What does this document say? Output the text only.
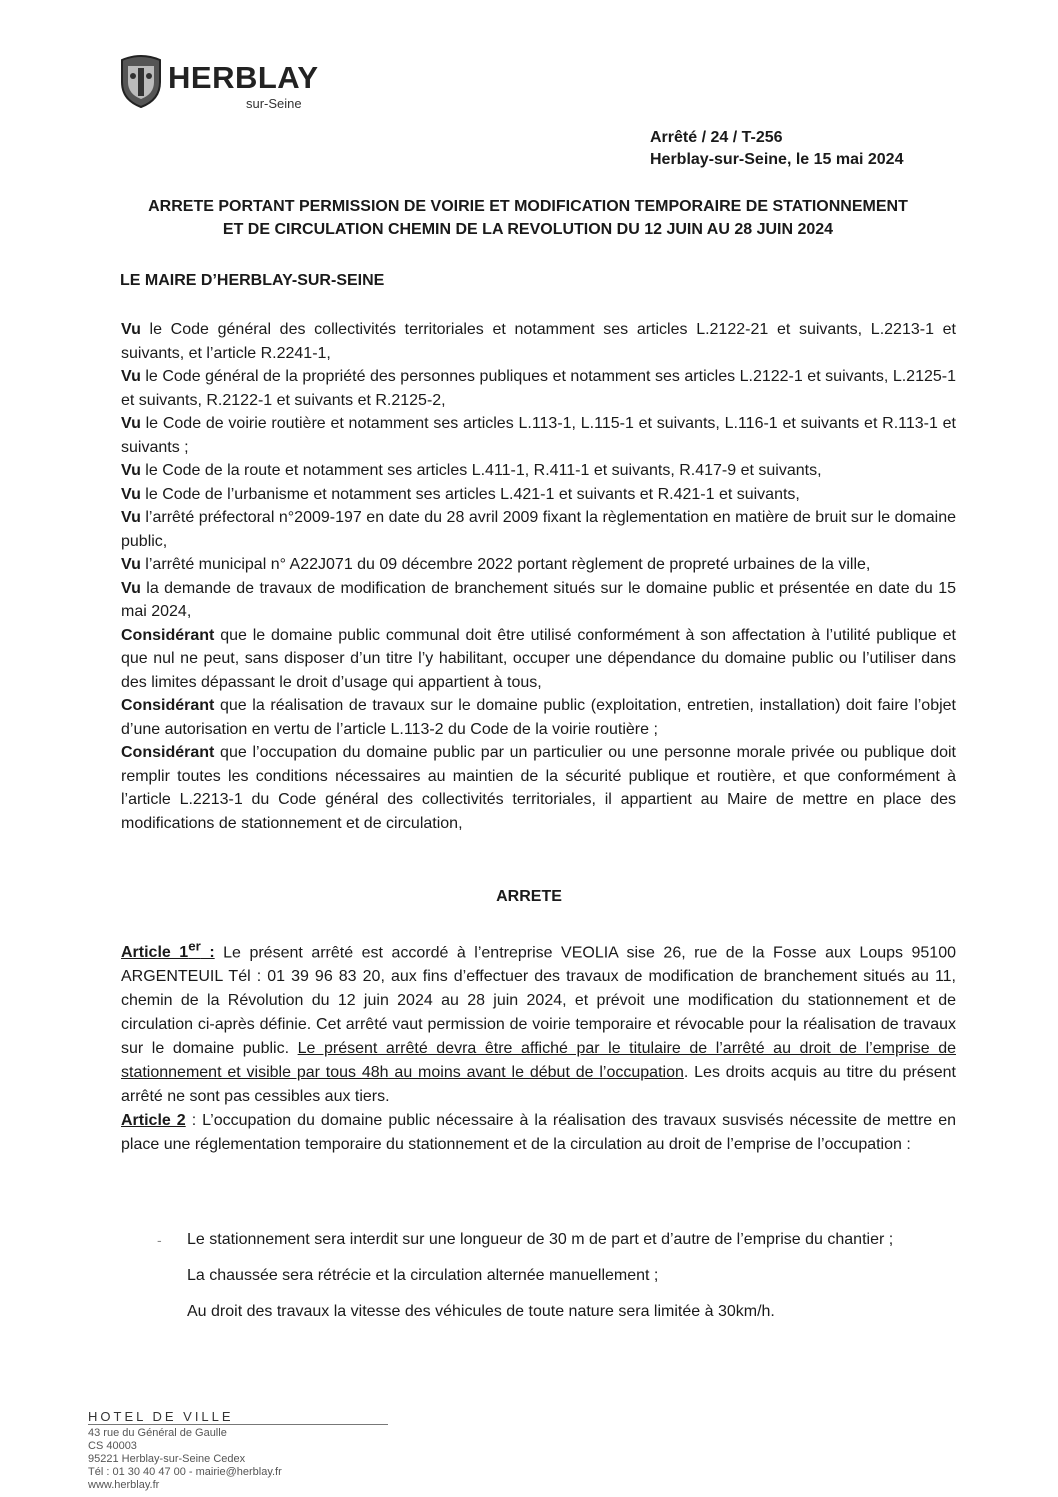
HERBLAY
sur-Seine
Arrêté / 24 / T-256
Herblay-sur-Seine, le 15 mai 2024
ARRETE PORTANT PERMISSION DE VOIRIE ET MODIFICATION TEMPORAIRE DE STATIONNEMENT
ET DE CIRCULATION CHEMIN DE LA REVOLUTION DU 12 JUIN AU 28 JUIN 2024
LE MAIRE D’HERBLAY-SUR-SEINE

Vu le Code général des collectivités territoriales et notamment ses articles L.2122-21 et suivants, L.2213-1 et suivants, et l’article R.2241-1,

Vu le Code général de la propriété des personnes publiques et notamment ses articles L.2122-1 et suivants, L.2125-1 et suivants, R.2122-1 et suivants et R.2125-2,

Vu le Code de voirie routière et notamment ses articles L.113-1, L.115-1 et suivants, L.116-1 et suivants et R.113-1 et suivants ;

Vu le Code de la route et notamment ses articles L.411-1, R.411-1 et suivants, R.417-9 et suivants,

Vu le Code de l’urbanisme et notamment ses articles L.421-1 et suivants et R.421-1 et suivants,

Vu l’arrêté préfectoral n°2009-197 en date du 28 avril 2009 fixant la règlementation en matière de bruit sur le domaine public,

Vu l’arrêté municipal n° A22J071 du 09 décembre 2022 portant règlement de propreté urbaines de la ville,

Vu la demande de travaux de modification de branchement situés sur le domaine public et présentée en date du 15 mai 2024,

Considérant que le domaine public communal doit être utilisé conformément à son affectation à l’utilité publique et que nul ne peut, sans disposer d’un titre l’y habilitant, occuper une dépendance du domaine public ou l’utiliser dans des limites dépassant le droit d’usage qui appartient à tous,

Considérant que la réalisation de travaux sur le domaine public (exploitation, entretien, installation) doit faire l’objet d’une autorisation en vertu de l’article L.113-2 du Code de la voirie routière ;

Considérant que l’occupation du domaine public par un particulier ou une personne morale privée ou publique doit remplir toutes les conditions nécessaires au maintien de la sécurité publique et routière, et que conformément à l’article L.2213-1 du Code général des collectivités territoriales, il appartient au Maire de mettre en place des modifications de stationnement et de circulation,

ARRETE

Article 1er : Le présent arrêté est accordé à l’entreprise VEOLIA sise 26, rue de la Fosse aux Loups 95100 ARGENTEUIL Tél : 01 39 96 83 20, aux fins d’effectuer des travaux de modification de branchement situés au 11, chemin de la Révolution du 12 juin 2024 au 28 juin 2024, et prévoit une modification du stationnement et de circulation ci-après définie. Cet arrêté vaut permission de voirie temporaire et révocable pour la réalisation de travaux sur le domaine public. Le présent arrêté devra être affiché par le titulaire de l’arrêté au droit de l’emprise de stationnement et visible par tous 48h au moins avant le début de l’occupation. Les droits acquis au titre du présent arrêté ne sont pas cessibles aux tiers.

Article 2 : L’occupation du domaine public nécessaire à la réalisation des travaux susvisés nécessite de mettre en place une réglementation temporaire du stationnement et de la circulation au droit de l’emprise de l’occupation :

- Le stationnement sera interdit sur une longueur de 30 m de part et d’autre de l’emprise du chantier ;

La chaussée sera rétrécie et la circulation alternée manuellement ;

Au droit des travaux la vitesse des véhicules de toute nature sera limitée à 30km/h.

HOTEL DE VILLE
43 rue du Général de Gaulle
CS 40003
95221 Herblay-sur-Seine Cedex
Tél : 01 30 40 47 00 - mairie@herblay.fr
www.herblay.fr
